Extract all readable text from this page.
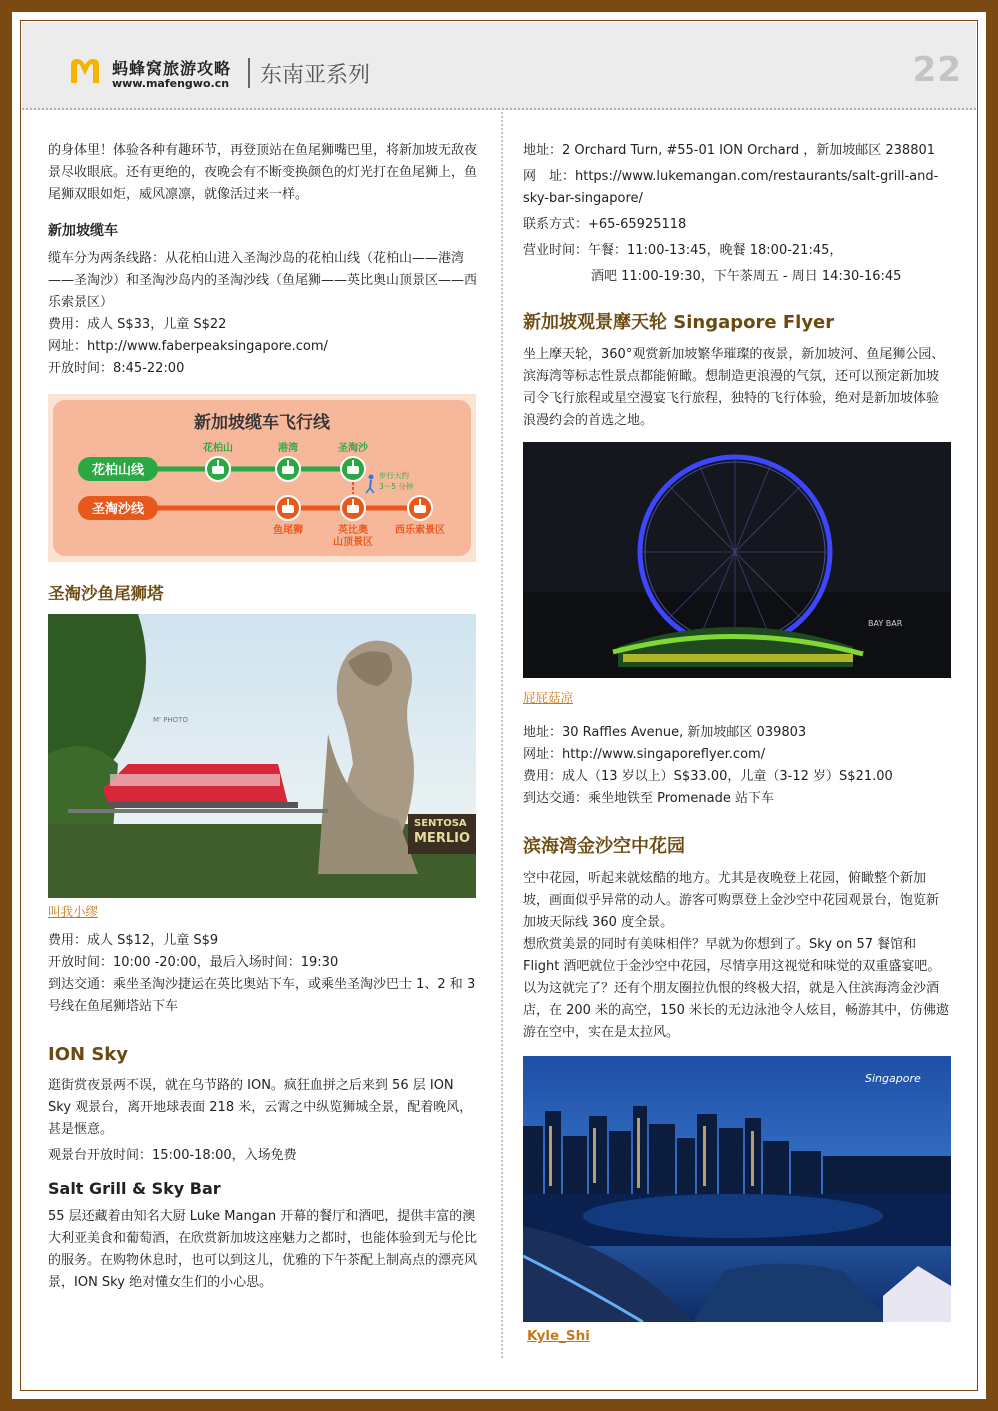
蚂蜂窝旅游攻略
www.mafengwo.cn 东南亚系列	22

的身体里！体验各种有趣环节，再登顶站在鱼尾狮嘴巴里，将新加坡无敌夜景尽收眼底。还有更绝的，夜晚会有不断变换颜色的灯光打在鱼尾狮上，鱼尾狮双眼如炬，威风凛凛，就像活过来一样。

新加坡缆车

缆车分为两条线路：从花柏山进入圣淘沙岛的花柏山线（花柏山——港湾——圣淘沙）和圣淘沙岛内的圣淘沙线（鱼尾狮——英比奥山顶景区——西乐索景区）

费用：成人 S$33，儿童 S$22

网址：http://www.faberpeaksingapore.com/

开放时间：8:45-22:00

新加坡缆车飞行线
花柏山线
花柏山	港湾	圣淘沙
步行大约
3～5 分钟
圣淘沙线
鱼尾狮	英比奥
山顶景区
西乐索景区
圣淘沙鱼尾狮塔
SENTOSA
MERLIO
M' PHOTO
叫我小缪

费用：成人 S$12，儿童 S$9

开放时间：10:00 -20:00，最后入场时间：19:30

到达交通：乘坐圣淘沙捷运在英比奥站下车，或乘坐圣淘沙巴士 1、2 和 3 号线在鱼尾狮塔站下车

ION Sky

逛街赏夜景两不误，就在乌节路的 ION。疯狂血拼之后来到 56 层 ION Sky 观景台，离开地球表面 218 米，云霄之中纵览狮城全景，配着晚风，甚是惬意。

观景台开放时间：15:00-18:00，入场免费

Salt Grill & Sky Bar

55 层还藏着由知名大厨 Luke Mangan 开幕的餐厅和酒吧，提供丰富的澳大利亚美食和葡萄酒，在欣赏新加坡这座魅力之都时，也能体验到无与伦比的服务。在购物休息时，也可以到这儿，优雅的下午茶配上制高点的漂亮风景，ION Sky 绝对懂女生们的小心思。

地址：2 Orchard Turn, #55-01 ION Orchard ，新加坡邮区 238801

网　址：https://www.lukemangan.com/restaurants/salt-grill-and-sky-bar-singapore/

联系方式：+65-65925118

营业时间：午餐：11:00-13:45，晚餐 18:00-21:45，

酒吧 11:00-19:30，下午茶周五 - 周日 14:30-16:45

新加坡观景摩天轮 Singapore Flyer

坐上摩天轮，360°观赏新加坡繁华璀璨的夜景，新加坡河、鱼尾狮公园、滨海湾等标志性景点都能俯瞰。想制造更浪漫的气氛，还可以预定新加坡司令飞行旅程或星空漫宴飞行旅程，独特的飞行体验，绝对是新加坡体验浪漫约会的首选之地。

BAY BAR
屁屁菇凉

地址：30 Raffles Avenue, 新加坡邮区 039803

网址：http://www.singaporeflyer.com/

费用：成人（13 岁以上）S$33.00，儿童（3-12 岁）S$21.00

到达交通：乘坐地铁至 Promenade 站下车

滨海湾金沙空中花园

空中花园，听起来就炫酷的地方。尤其是夜晚登上花园，俯瞰整个新加坡，画面似乎异常的动人。游客可购票登上金沙空中花园观景台，饱览新加坡天际线 360 度全景。

想欣赏美景的同时有美味相伴？早就为你想到了。Sky on 57 餐馆和 Flight 酒吧就位于金沙空中花园，尽情享用这视觉和味觉的双重盛宴吧。以为这就完了？还有个朋友圈拉仇恨的终极大招，就是入住滨海湾金沙酒店，在 200 米的高空，150 米长的无边泳池令人炫目，畅游其中，仿佛遨游在空中，实在是太拉风。

Singapore
Kyle_Shi
